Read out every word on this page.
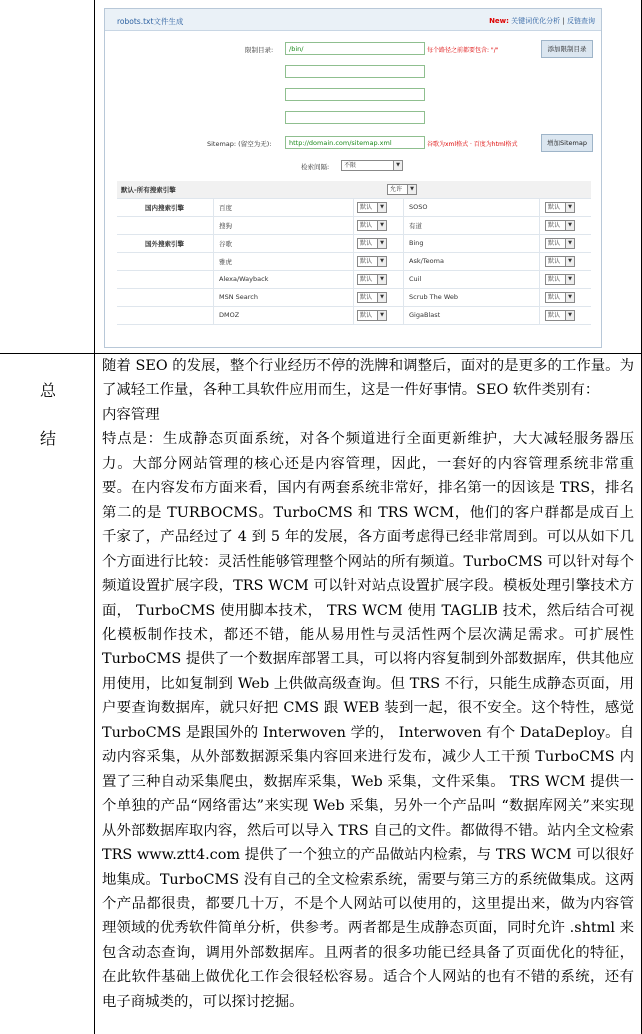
robots.txt文件生成	New: 关键词优化分析 | 反链查询
限制目录:	/bin/	每个路径之前都要包含: "/"	添加限制目录
Sitemap: (留空为无):	http://domain.com/sitemap.xml	谷歌为xml格式 · 百度为html格式	增加Sitemap
检索间隔:	不限	▼
默认-所有搜索引擎	允许	▼
国内搜索引擎	百度	默认	▼	SOSO	默认	▼
搜狗	默认	▼	有道	默认	▼
国外搜索引擎	谷歌	默认	▼	Bing	默认	▼
雅虎	默认	▼	Ask/Teoma	默认	▼
Alexa/Wayback	默认	▼	Cuil	默认	▼
MSN Search	默认	▼	Scrub The Web	默认	▼
DMOZ	默认	▼	GigaBlast	默认	▼
总
结

随着 SEO 的发展，整个行业经历不停的洗牌和调整后，面对的是更多的工作量。为了减轻工作量，各种工具软件应用而生，这是一件好事情。SEO 软件类别有：

内容管理

特点是：生成静态页面系统，对各个频道进行全面更新维护，大大减轻服务器压力。大部分网站管理的核心还是内容管理，因此，一套好的内容管理系统非常重要。在内容发布方面来看，国内有两套系统非常好，排名第一的因该是 TRS，排名第二的是 TURBOCMS。TurboCMS 和 TRS WCM，他们的客户群都是成百上千家了，产品经过了 4 到 5 年的发展，各方面考虑得已经非常周到。可以从如下几个方面进行比较：灵活性能够管理整个网站的所有频道。TurboCMS 可以针对每个频道设置扩展字段，TRS WCM 可以针对站点设置扩展字段。模板处理引擎技术方面， TurboCMS 使用脚本技术， TRS WCM 使用 TAGLIB 技术，然后结合可视化模板制作技术，都还不错，能从易用性与灵活性两个层次满足需求。可扩展性 TurboCMS 提供了一个数据库部署工具，可以将内容复制到外部数据库，供其他应用使用，比如复制到 Web 上供做高级查询。但 TRS 不行，只能生成静态页面，用户要查询数据库，就只好把 CMS 跟 WEB 装到一起，很不安全。这个特性，感觉 TurboCMS 是跟国外的 Interwoven 学的， Interwoven 有个 DataDeploy。自动内容采集，从外部数据源采集内容回来进行发布，减少人工干预 TurboCMS 内置了三种自动采集爬虫，数据库采集，Web 采集，文件采集。 TRS WCM 提供一个单独的产品“网络雷达”来实现 Web 采集，另外一个产品叫 “数据库网关”来实现从外部数据库取内容，然后可以导入 TRS 自己的文件。都做得不错。站内全文检索 TRS www.ztt4.com 提供了一个独立的产品做站内检索，与 TRS WCM 可以很好地集成。TurboCMS 没有自己的全文检索系统，需要与第三方的系统做集成。这两个产品都很贵，都要几十万，不是个人网站可以使用的，这里提出来，做为内容管理领域的优秀软件简单分析，供参考。两者都是生成静态页面，同时允许 .shtml 来包含动态查询，调用外部数据库。且两者的很多功能已经具备了页面优化的特征，在此软件基础上做优化工作会很轻松容易。适合个人网站的也有不错的系统，还有电子商城类的，可以探讨挖掘。
